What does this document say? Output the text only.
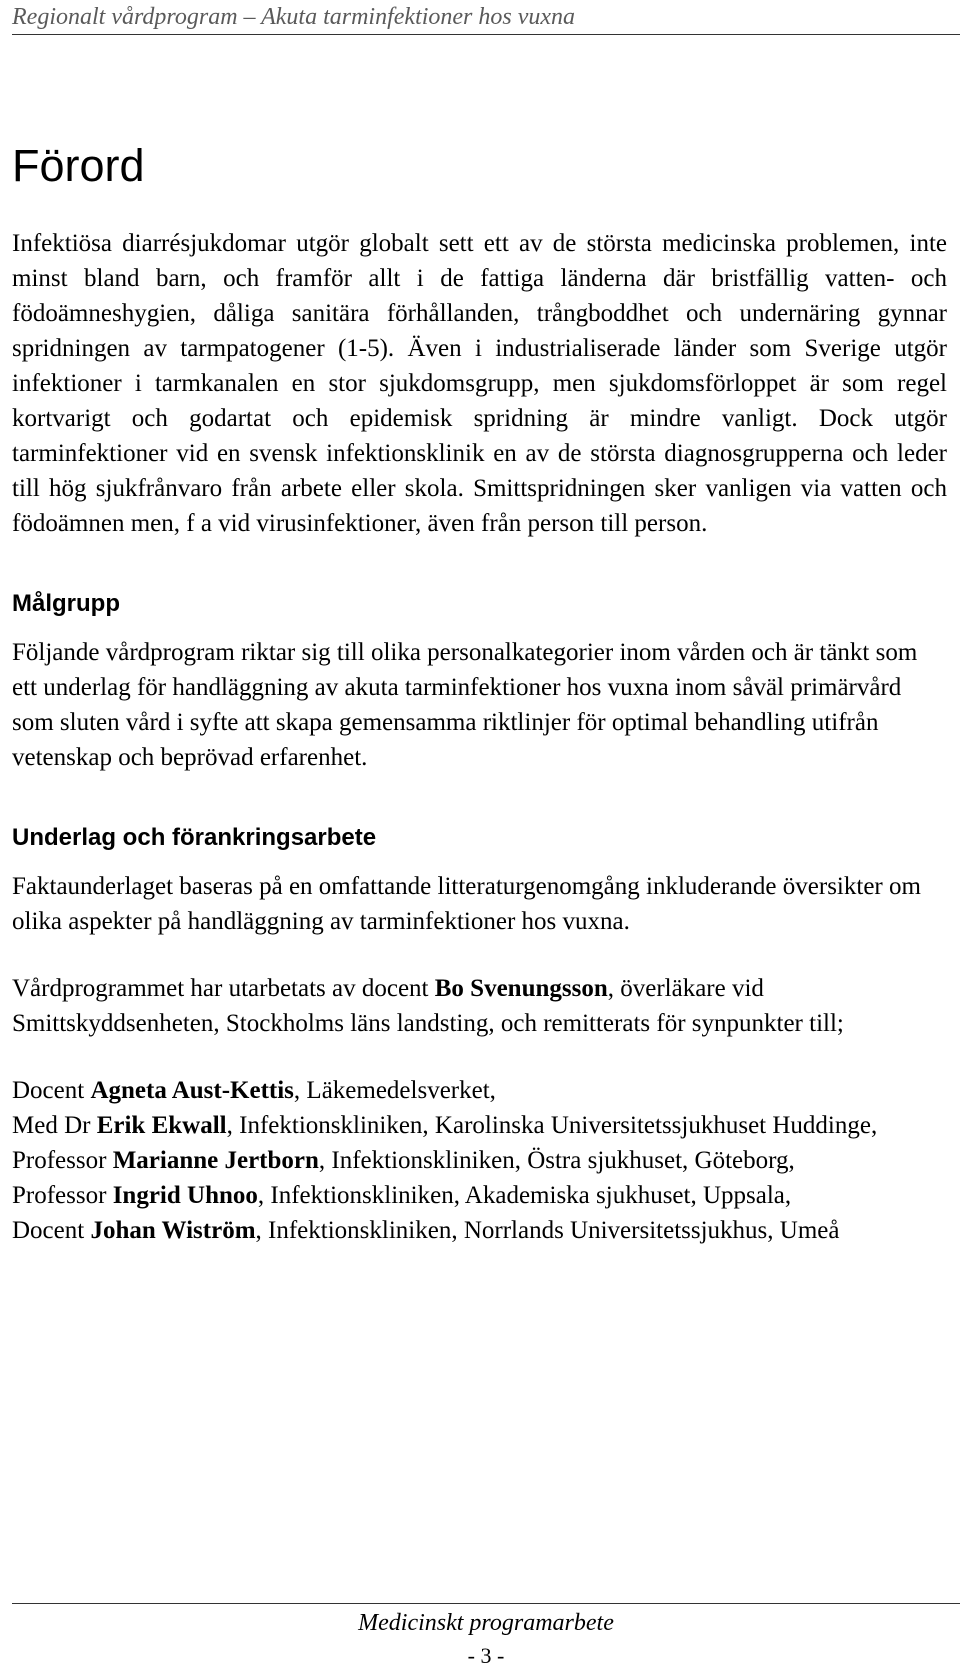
Regionalt vårdprogram – Akuta tarminfektioner hos vuxna
Förord

Infektiösa diarrésjukdomar utgör globalt sett ett av de största medicinska problemen, inte minst bland barn, och framför allt i de fattiga länderna där bristfällig vatten- och födoämneshygien, dåliga sanitära förhållanden, trångboddhet och undernäring gynnar spridningen av tarmpatogener (1-5). Även i industrialiserade länder som Sverige utgör infektioner i tarmkanalen en stor sjukdomsgrupp, men sjukdomsförloppet är som regel kortvarigt och godartat och epidemisk spridning är mindre vanligt. Dock utgör tarminfektioner vid en svensk infektionsklinik en av de största diagnosgrupperna och leder till hög sjukfrånvaro från arbete eller skola. Smittspridningen sker vanligen via vatten och födoämnen men, f a vid virusinfektioner, även från person till person.

Målgrupp

Följande vårdprogram riktar sig till olika personalkategorier inom vården och är tänkt som ett underlag för handläggning av akuta tarminfektioner hos vuxna inom såväl primärvård som sluten vård i syfte att skapa gemensamma riktlinjer för optimal behandling utifrån vetenskap och beprövad erfarenhet.

Underlag och förankringsarbete

Faktaunderlaget baseras på en omfattande litteraturgenomgång inkluderande översikter om olika aspekter på handläggning av tarminfektioner hos vuxna.

Vårdprogrammet har utarbetats av docent Bo Svenungsson, överläkare vid Smittskyddsenheten, Stockholms läns landsting, och remitterats för synpunkter till;

Docent Agneta Aust-Kettis, Läkemedelsverket,

Med Dr Erik Ekwall, Infektionskliniken, Karolinska Universitetssjukhuset Huddinge,

Professor Marianne Jertborn, Infektionskliniken, Östra sjukhuset, Göteborg,

Professor Ingrid Uhnoo, Infektionskliniken, Akademiska sjukhuset, Uppsala,

Docent Johan Wiström, Infektionskliniken, Norrlands Universitetssjukhus, Umeå

Medicinskt programarbete
- 3 -
